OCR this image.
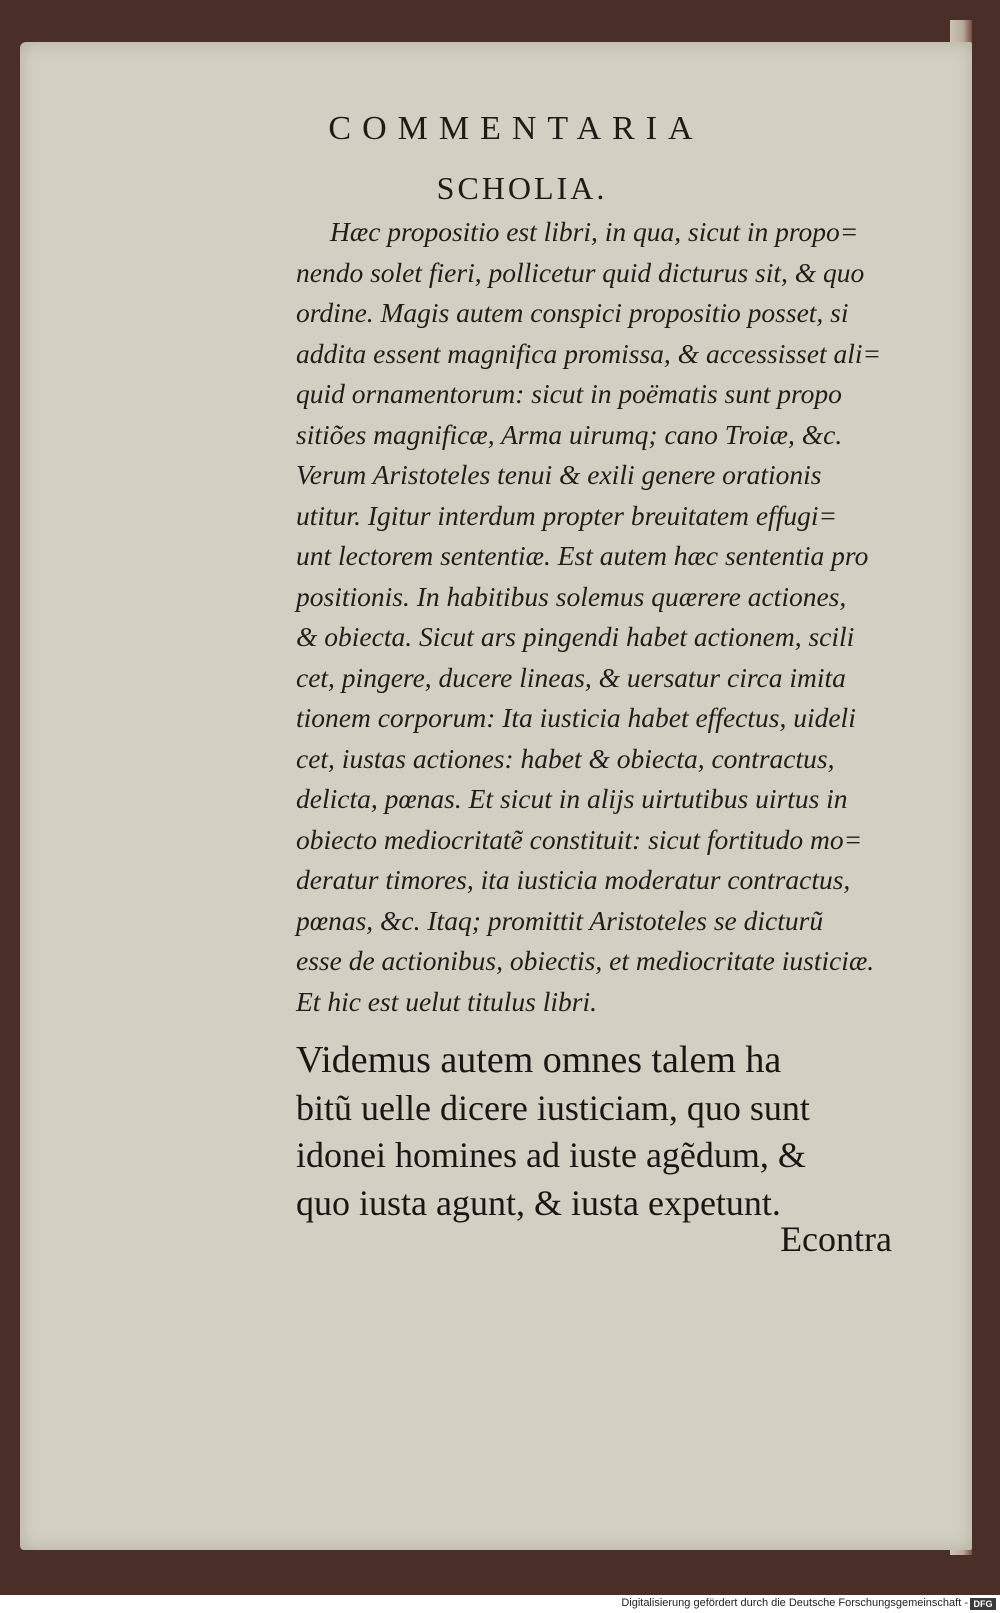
COMMENTARIA
SCHOLIA.
Hæc propositio est libri, in qua, sicut in propo=
nendo solet fieri, pollicetur quid dicturus sit, & quo
ordine. Magis autem conspici propositio posset, si
addita essent magnifica promissa, & accessisset ali=
quid ornamentorum: sicut in poëmatis sunt propo
sitiões magnificæ, Arma uirumq; cano Troiæ, &c.
Verum Aristoteles tenui & exili genere orationis
utitur. Igitur interdum propter breuitatem effugi=
unt lectorem sententiæ. Est autem hæc sententia pro
positionis. In habitibus solemus quærere actiones,
& obiecta. Sicut ars pingendi habet actionem, scili
cet, pingere, ducere lineas, & uersatur circa imita
tionem corporum: Ita iusticia habet effectus, uideli
cet, iustas actiones: habet & obiecta, contractus,
delicta, pœnas. Et sicut in alijs uirtutibus uirtus in
obiecto mediocritatẽ constituit: sicut fortitudo mo=
deratur timores, ita iusticia moderatur contractus,
pœnas, &c. Itaq; promittit Aristoteles se dicturũ
esse de actionibus, obiectis, et mediocritate iusticiæ.
Et hic est uelut titulus libri.
Videmus autem omnes talem ha
bitũ uelle dicere iusticiam, quo sunt
idonei homines ad iuste agẽdum, &
quo iusta agunt, & iusta expetunt.
Econtra
Digitalisierung gefördert durch die Deutsche Forschungsgemeinschaft - DFG
